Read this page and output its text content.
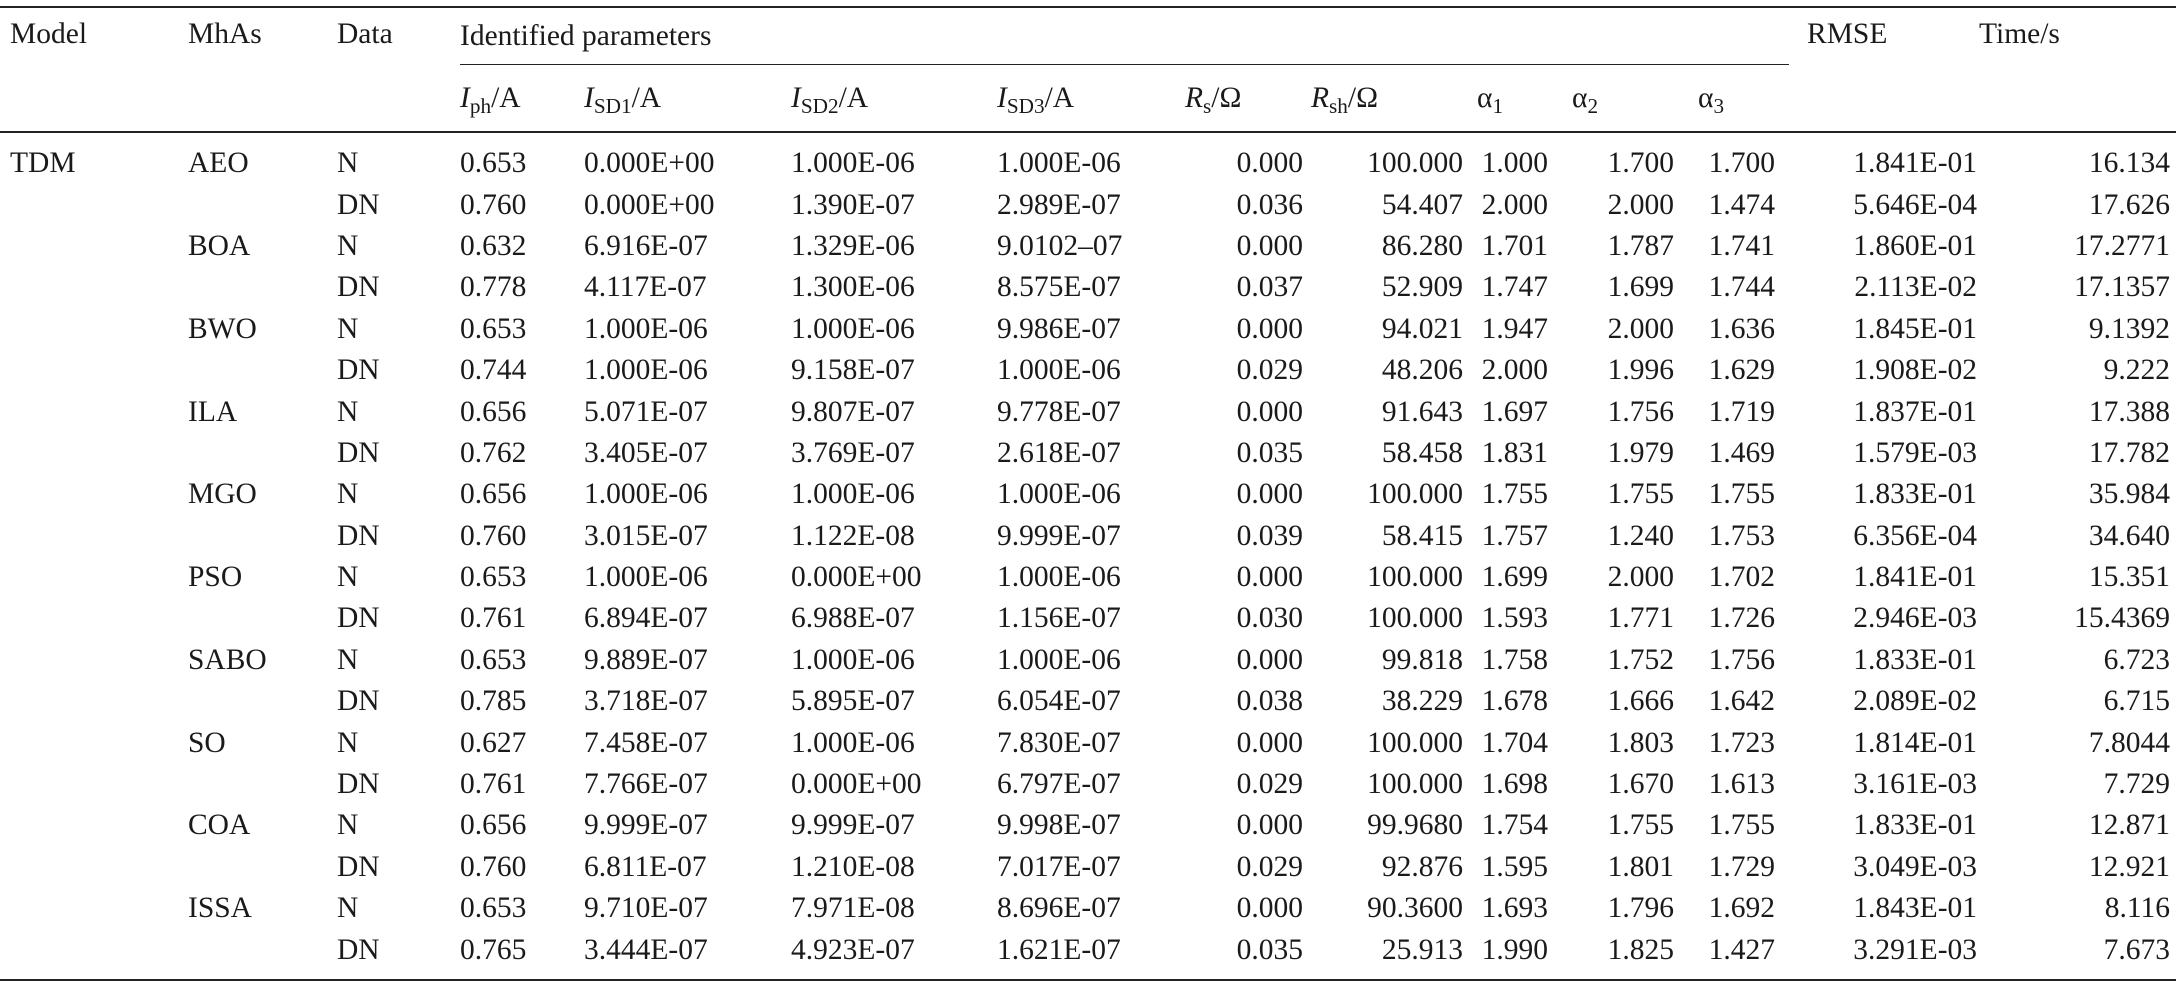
Model	MhAs	Data	Identified parameters									RMSE	Time/s
			$I_{ph}/A$	$I_{SD1}/A$	$I_{SD2}/A$	$I_{SD3}/A$	$R_s/\Omega$	$R_{sh}/\Omega$	$\alpha_1$	$\alpha_2$	$\alpha_3$
TDM	AEO	N	0.653	0.000E+00	1.000E-06	1.000E-06	0.000	100.000	1.000	1.700	1.700	1.841E-01	16.134
		DN	0.760	0.000E+00	1.390E-07	2.989E-07	0.036	54.407	2.000	2.000	1.474	5.646E-04	17.626
	BOA	N	0.632	6.916E-07	1.329E-06	9.0102–07	0.000	86.280	1.701	1.787	1.741	1.860E-01	17.2771
		DN	0.778	4.117E-07	1.300E-06	8.575E-07	0.037	52.909	1.747	1.699	1.744	2.113E-02	17.1357
	BWO	N	0.653	1.000E-06	1.000E-06	9.986E-07	0.000	94.021	1.947	2.000	1.636	1.845E-01	9.1392
		DN	0.744	1.000E-06	9.158E-07	1.000E-06	0.029	48.206	2.000	1.996	1.629	1.908E-02	9.222
	ILA	N	0.656	5.071E-07	9.807E-07	9.778E-07	0.000	91.643	1.697	1.756	1.719	1.837E-01	17.388
		DN	0.762	3.405E-07	3.769E-07	2.618E-07	0.035	58.458	1.831	1.979	1.469	1.579E-03	17.782
	MGO	N	0.656	1.000E-06	1.000E-06	1.000E-06	0.000	100.000	1.755	1.755	1.755	1.833E-01	35.984
		DN	0.760	3.015E-07	1.122E-08	9.999E-07	0.039	58.415	1.757	1.240	1.753	6.356E-04	34.640
	PSO	N	0.653	1.000E-06	0.000E+00	1.000E-06	0.000	100.000	1.699	2.000	1.702	1.841E-01	15.351
		DN	0.761	6.894E-07	6.988E-07	1.156E-07	0.030	100.000	1.593	1.771	1.726	2.946E-03	15.4369
	SABO	N	0.653	9.889E-07	1.000E-06	1.000E-06	0.000	99.818	1.758	1.752	1.756	1.833E-01	6.723
		DN	0.785	3.718E-07	5.895E-07	6.054E-07	0.038	38.229	1.678	1.666	1.642	2.089E-02	6.715
	SO	N	0.627	7.458E-07	1.000E-06	7.830E-07	0.000	100.000	1.704	1.803	1.723	1.814E-01	7.8044
		DN	0.761	7.766E-07	0.000E+00	6.797E-07	0.029	100.000	1.698	1.670	1.613	3.161E-03	7.729
	COA	N	0.656	9.999E-07	9.999E-07	9.998E-07	0.000	99.9680	1.754	1.755	1.755	1.833E-01	12.871
		DN	0.760	6.811E-07	1.210E-08	7.017E-07	0.029	92.876	1.595	1.801	1.729	3.049E-03	12.921
	ISSA	N	0.653	9.710E-07	7.971E-08	8.696E-07	0.000	90.3600	1.693	1.796	1.692	1.843E-01	8.116
		DN	0.765	3.444E-07	4.923E-07	1.621E-07	0.035	25.913	1.990	1.825	1.427	3.291E-03	7.673
